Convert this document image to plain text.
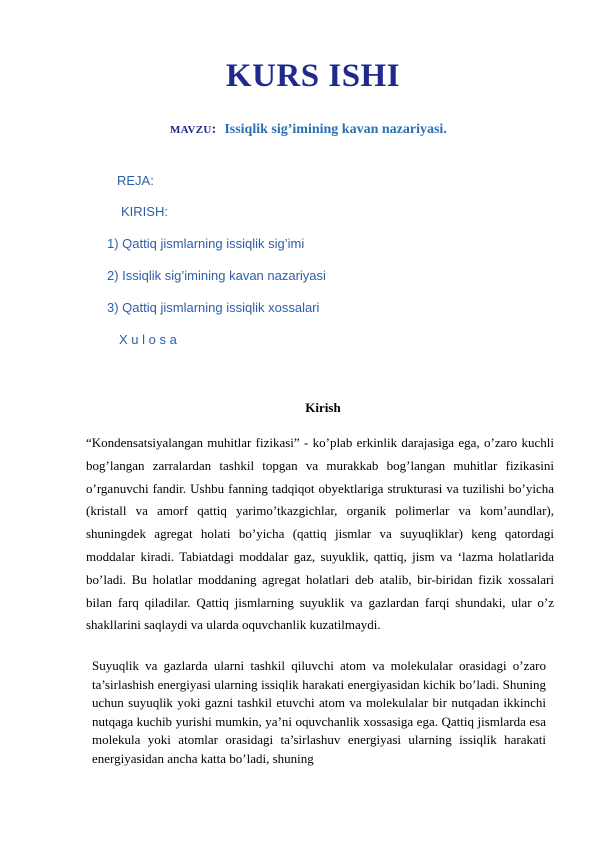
KURS ISHI
MAVZU: Issiqlik sig’imining kavan nazariyasi.
REJA:
KIRISH:
1) Qattiq jismlarning issiqlik sig’imi
2) Issiqlik sig’imining kavan nazariyasi
3) Qattiq jismlarning issiqlik xossalari
X u l o s a
Kirish

“Kondensatsiyalangan muhitlar fizikasi” - ko’plab erkinlik darajasiga ega, o’zaro kuchli bog’langan zarralardan tashkil topgan va murakkab bog’langan muhitlar fizikasini o’rganuvchi fandir. Ushbu fanning tadqiqot obyektlariga strukturasi va tuzilishi bo’yicha (kristall va amorf qattiq yarimo’tkazgichlar, organik polimerlar va kom’aundlar), shuningdek agregat holati bo’yicha (qattiq jismlar va suyuqliklar) keng qatordagi moddalar kiradi. Tabiatdagi moddalar gaz, suyuklik, qattiq, jism va ‘lazma holatlarida bo’ladi. Bu holatlar moddaning agregat holatlari deb atalib, bir-biridan fizik xossalari bilan farq qiladilar. Qattiq jismlarning suyuklik va gazlardan farqi shundaki, ular o’z shakllarini saqlaydi va ularda oquvchanlik kuzatilmaydi.

Suyuqlik va gazlarda ularni tashkil qiluvchi atom va molekulalar orasidagi o’zaro ta’sirlashish energiyasi ularning issiqlik harakati energiyasidan kichik bo’ladi. Shuning uchun suyuqlik yoki gazni tashkil etuvchi atom va molekulalar bir nutqadan ikkinchi nutqaga kuchib yurishi mumkin, ya’ni oquvchanlik xossasiga ega. Qattiq jismlarda esa molekula yoki atomlar orasidagi ta’sirlashuv energiyasi ularning issiqlik harakati energiyasidan ancha katta bo’ladi, shuning
